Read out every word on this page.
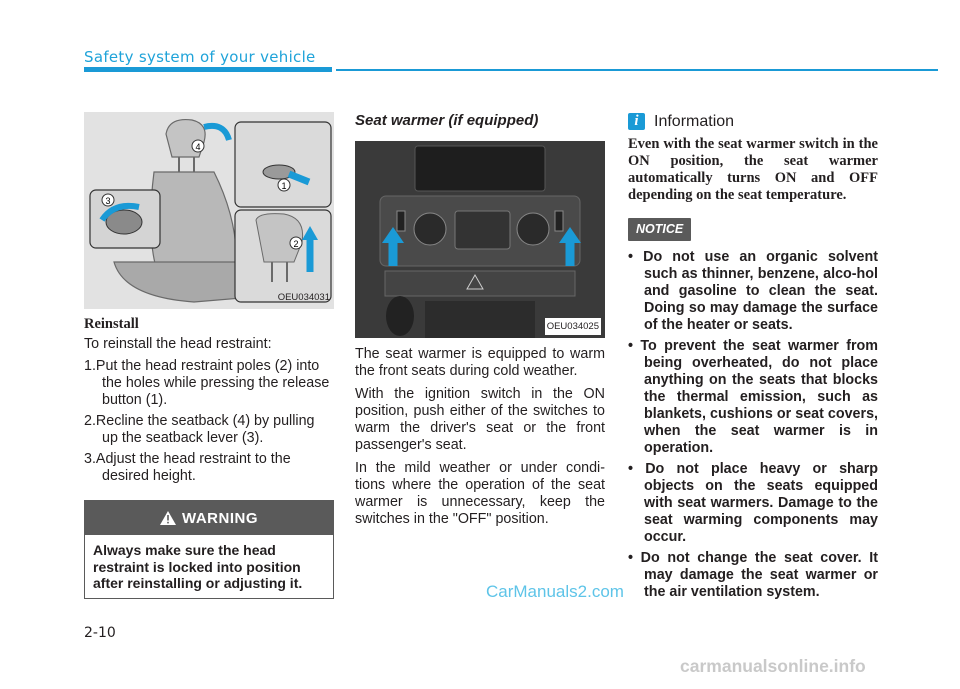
Safety system of your vehicle
4
1
2
3
OEU034031
Reinstall

To reinstall the head restraint:

1.Put the head restraint poles (2) into the holes while pressing the release button (1).
2.Recline the seatback (4) by pulling up the seatback lever (3).
3.Adjust the head restraint to the desired height.
WARNING
Always make sure the head restraint is locked into position after reinstalling or adjusting it.
Seat warmer (if equipped)
OEU034025

The seat warmer is equipped to warm the front seats during cold weather.

With the ignition switch in the ON position, push either of the switches to warm the driver's seat or the front passenger's seat.

In the mild weather or under condi-tions where the operation of the seat warmer is unnecessary, keep the switches in the "OFF" position.

i Information
Even with the seat warmer switch in the ON position, the seat warmer automatically turns ON and OFF depending on the seat temperature.
NOTICE
• Do not use an organic solvent such as thinner, benzene, alco-hol and gasoline to clean the seat. Doing so may damage the surface of the heater or seats.
• To prevent the seat warmer from being overheated, do not place anything on the seats that blocks the thermal emission, such as blankets, cushions or seat covers, when the seat warmer is in operation.
• Do not place heavy or sharp objects on the seats equipped with seat warmers. Damage to the seat warming components may occur.
• Do not change the seat cover. It may damage the seat warmer or the air ventilation system.
CarManuals2.com
2-10
carmanualsonline.info
